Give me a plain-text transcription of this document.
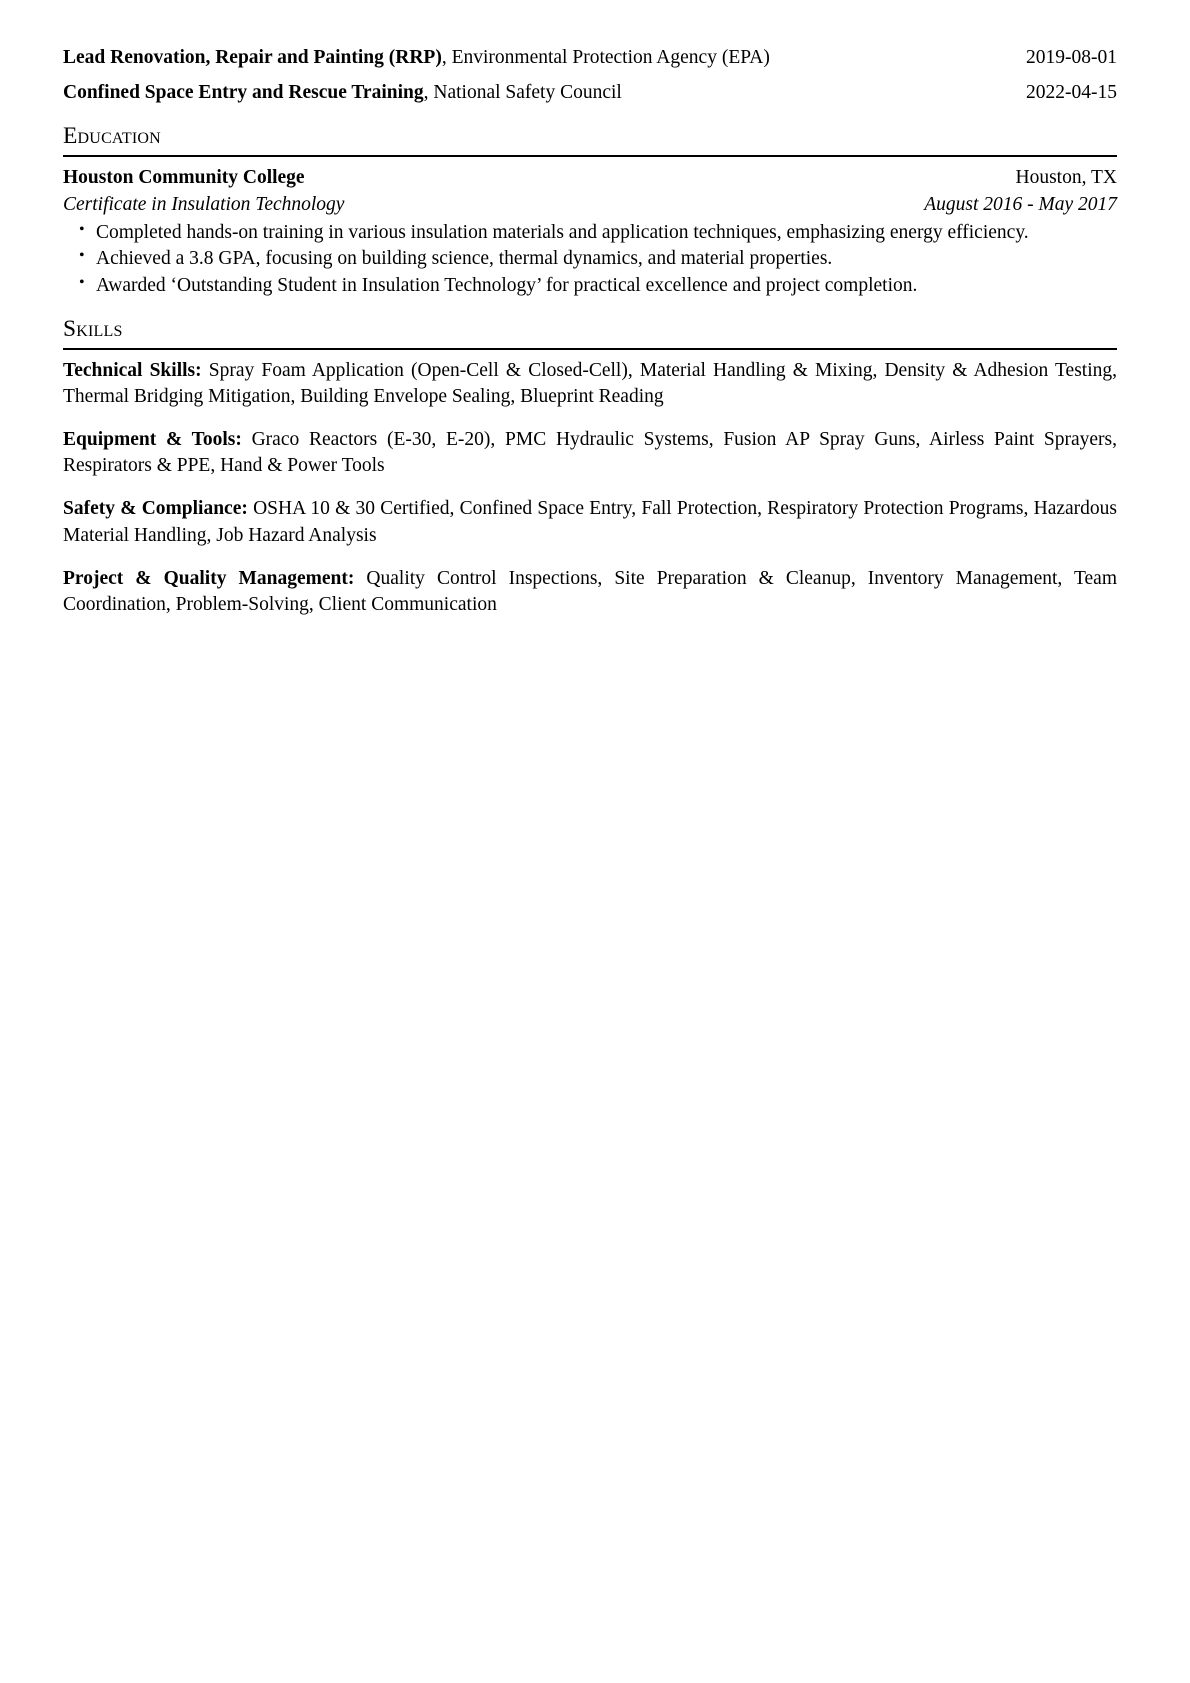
Lead Renovation, Repair and Painting (RRP), Environmental Protection Agency (EPA)	2019-08-01
Confined Space Entry and Rescue Training, National Safety Council	2022-04-15
Education
Houston Community College	Houston, TX
Certificate in Insulation Technology	August 2016 - May 2017
• Completed hands-on training in various insulation materials and application techniques, emphasizing energy efficiency.
• Achieved a 3.8 GPA, focusing on building science, thermal dynamics, and material properties.
• Awarded ‘Outstanding Student in Insulation Technology’ for practical excellence and project completion.
Skills

Technical Skills: Spray Foam Application (Open-Cell & Closed-Cell), Material Handling & Mixing, Density & Adhesion Testing, Thermal Bridging Mitigation, Building Envelope Sealing, Blueprint Reading

Equipment & Tools: Graco Reactors (E-30, E-20), PMC Hydraulic Systems, Fusion AP Spray Guns, Airless Paint Sprayers, Respirators & PPE, Hand & Power Tools

Safety & Compliance: OSHA 10 & 30 Certified, Confined Space Entry, Fall Protection, Respiratory Protection Programs, Hazardous Material Handling, Job Hazard Analysis

Project & Quality Management: Quality Control Inspections, Site Preparation & Cleanup, Inventory Management, Team Coordination, Problem-Solving, Client Communication
